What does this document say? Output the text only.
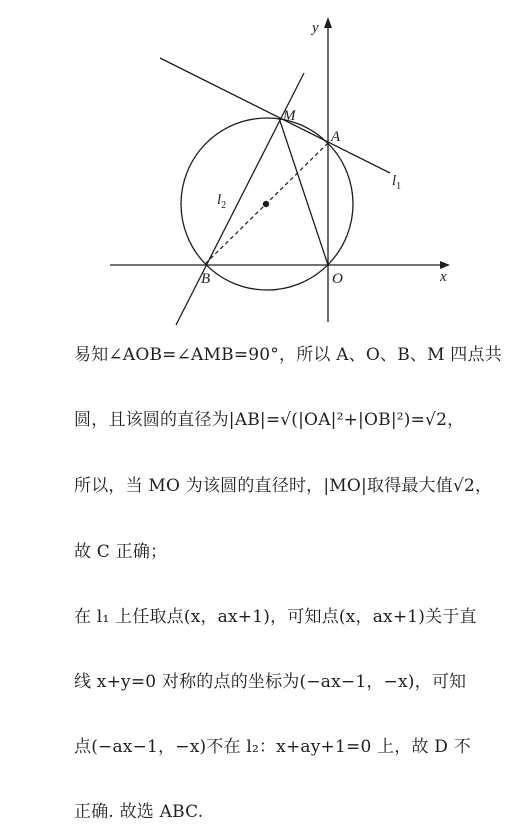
y
x
M
A
B	O
$l_1$
$l_2$
易知∠AOB=∠AMB=90°，所以 A、O、B、M 四点共
圆，且该圆的直径为|AB|=√(|OA|²+|OB|²)=√2，
所以，当 MO 为该圆的直径时，|MO|取得最大值√2，
故 C 正确；
在 l₁ 上任取点(x，ax+1)，可知点(x，ax+1)关于直
线 x+y=0 对称的点的坐标为(−ax−1，−x)，可知
点(−ax−1，−x)不在 l₂：x+ay+1=0 上，故 D 不
正确. 故选 ABC.
